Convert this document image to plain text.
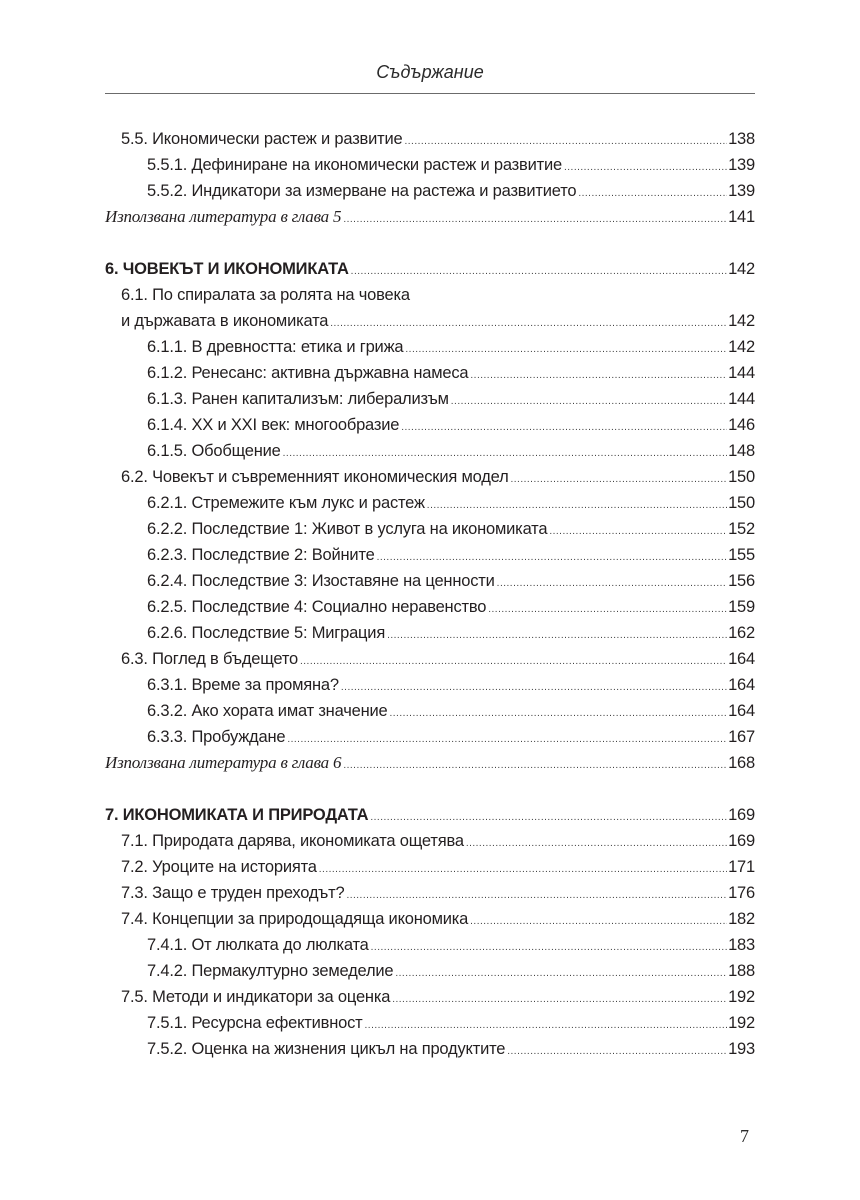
Съдържание
5.5. Икономически растеж и развитие .....	138
5.5.1. Дефиниране на икономически растеж и развитие .....	139
5.5.2. Индикатори за измерване на растежа и развитието .....	139
Използвана литература в глава 5 .....	141
6. ЧОВЕКЪТ И ИКОНОМИКАТА .....	142
6.1. По спиралата за ролята на човека
и държавата в икономиката .....	142
6.1.1. В древността: етика и грижа .....	142
6.1.2. Ренесанс: активна държавна намеса .....	144
6.1.3. Ранен капитализъм: либерализъм .....	144
6.1.4. XX и XXI век: многообразие .....	146
6.1.5. Обобщение .....	148
6.2. Човекът и съвременният икономическия модел .....	150
6.2.1. Стремежите към лукс и растеж .....	150
6.2.2. Последствие 1: Живот в услуга на икономиката .....	152
6.2.3. Последствие 2: Войните .....	155
6.2.4. Последствие 3: Изоставяне на ценности .....	156
6.2.5. Последствие 4: Социално неравенство .....	159
6.2.6. Последствие 5: Миграция .....	162
6.3. Поглед в бъдещето .....	164
6.3.1. Време за промяна? .....	164
6.3.2. Ако хората имат значение .....	164
6.3.3. Пробуждане .....	167
Използвана литература в глава 6 .....	168
7. ИКОНОМИКАТА И ПРИРОДАТА .....	169
7.1. Природата дарява, икономиката ощетява .....	169
7.2. Уроците на историята .....	171
7.3. Защо е труден преходът? .....	176
7.4. Концепции за природощадяща икономика .....	182
7.4.1. От люлката до люлката .....	183
7.4.2. Пермакултурно земеделие .....	188
7.5. Методи и индикатори за оценка .....	192
7.5.1. Ресурсна ефективност .....	192
7.5.2. Оценка на жизнения цикъл на продуктите .....	193
7
